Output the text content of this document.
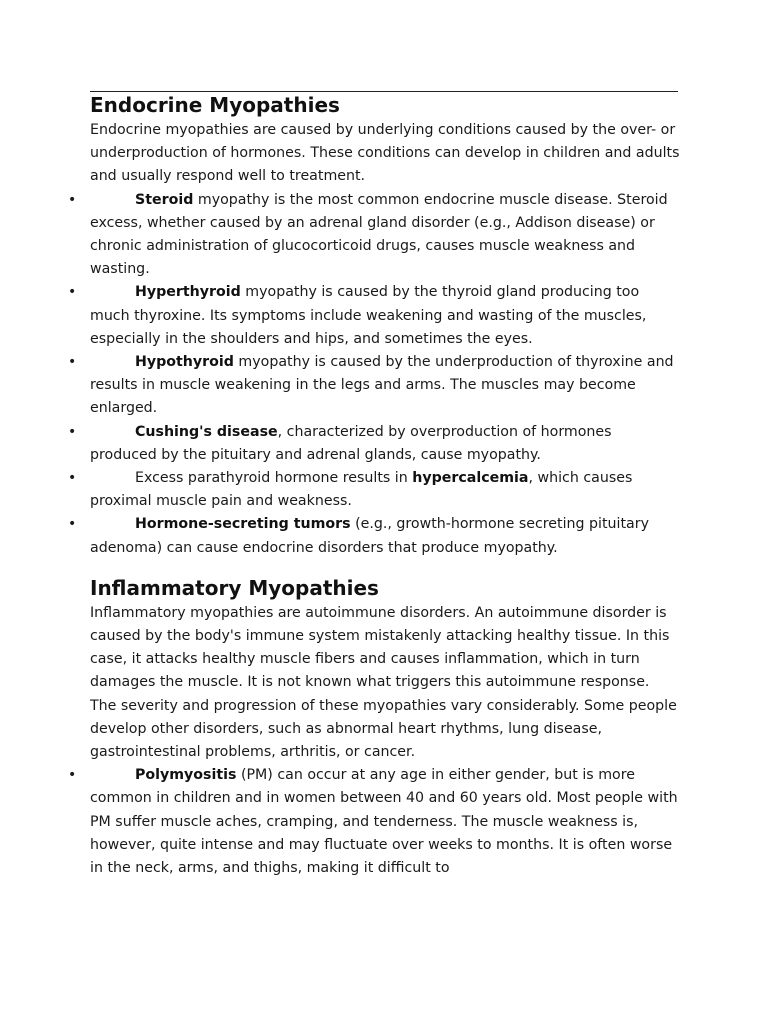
Endocrine Myopathies

Endocrine myopathies are caused by underlying conditions caused by the over- or underproduction of hormones. These conditions can develop in children and adults and usually respond well to treatment.

•	Steroid myopathy is the most common endocrine muscle disease. Steroid excess, whether caused by an adrenal gland disorder (e.g., Addison disease) or chronic administration of glucocorticoid drugs, causes muscle weakness and wasting.
•	Hyperthyroid myopathy is caused by the thyroid gland producing too much thyroxine. Its symptoms include weakening and wasting of the muscles, especially in the shoulders and hips, and sometimes the eyes.
•	Hypothyroid myopathy is caused by the underproduction of thyroxine and results in muscle weakening in the legs and arms. The muscles may become enlarged.
•	Cushing's disease, characterized by overproduction of hormones produced by the pituitary and adrenal glands, cause myopathy.
•	Excess parathyroid hormone results in hypercalcemia, which causes proximal muscle pain and weakness.
•	Hormone-secreting tumors (e.g., growth-hormone secreting pituitary adenoma) can cause endocrine disorders that produce myopathy.
Inflammatory Myopathies

Inflammatory myopathies are autoimmune disorders. An autoimmune disorder is caused by the body's immune system mistakenly attacking healthy tissue. In this case, it attacks healthy muscle fibers and causes inflammation, which in turn damages the muscle. It is not known what triggers this autoimmune response.

The severity and progression of these myopathies vary considerably. Some people develop other disorders, such as abnormal heart rhythms, lung disease, gastrointestinal problems, arthritis, or cancer.

•	Polymyositis (PM) can occur at any age in either gender, but is more common in children and in women between 40 and 60 years old. Most people with PM suffer muscle aches, cramping, and tenderness. The muscle weakness is, however, quite intense and may fluctuate over weeks to months. It is often worse in the neck, arms, and thighs, making it difficult to
